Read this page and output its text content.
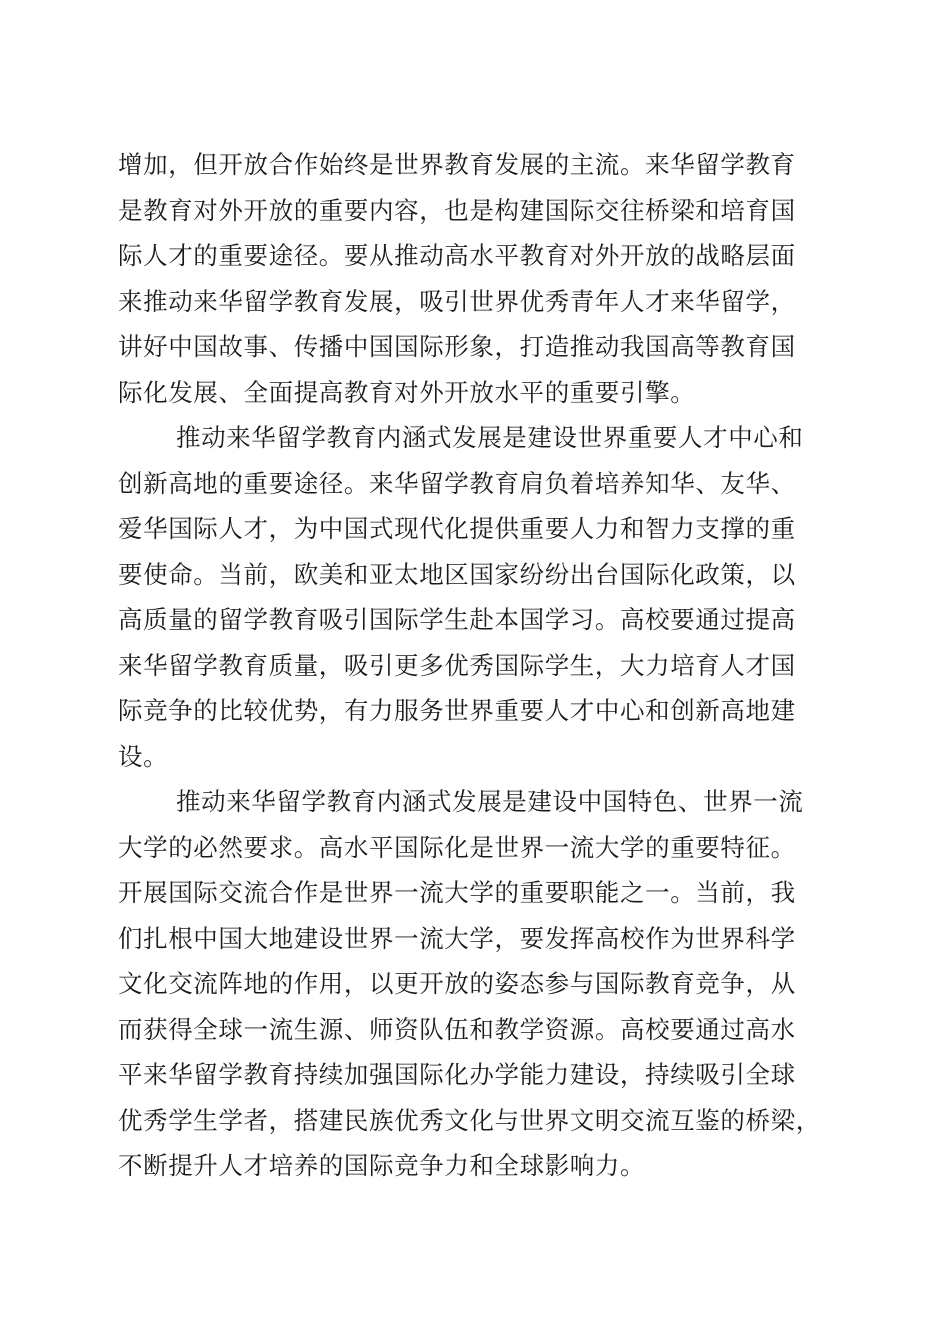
增加，但开放合作始终是世界教育发展的主流。来华留学教育
是教育对外开放的重要内容，也是构建国际交往桥梁和培育国
际人才的重要途径。要从推动高水平教育对外开放的战略层面
来推动来华留学教育发展，吸引世界优秀青年人才来华留学，
讲好中国故事、传播中国国际形象，打造推动我国高等教育国
际化发展、全面提高教育对外开放水平的重要引擎。
推动来华留学教育内涵式发展是建设世界重要人才中心和
创新高地的重要途径。来华留学教育肩负着培养知华、友华、
爱华国际人才，为中国式现代化提供重要人力和智力支撑的重
要使命。当前，欧美和亚太地区国家纷纷出台国际化政策，以
高质量的留学教育吸引国际学生赴本国学习。高校要通过提高
来华留学教育质量，吸引更多优秀国际学生，大力培育人才国
际竞争的比较优势，有力服务世界重要人才中心和创新高地建
设。
推动来华留学教育内涵式发展是建设中国特色、世界一流
大学的必然要求。高水平国际化是世界一流大学的重要特征。
开展国际交流合作是世界一流大学的重要职能之一。当前，我
们扎根中国大地建设世界一流大学，要发挥高校作为世界科学
文化交流阵地的作用，以更开放的姿态参与国际教育竞争，从
而获得全球一流生源、师资队伍和教学资源。高校要通过高水
平来华留学教育持续加强国际化办学能力建设，持续吸引全球
优秀学生学者，搭建民族优秀文化与世界文明交流互鉴的桥梁，
不断提升人才培养的国际竞争力和全球影响力。
